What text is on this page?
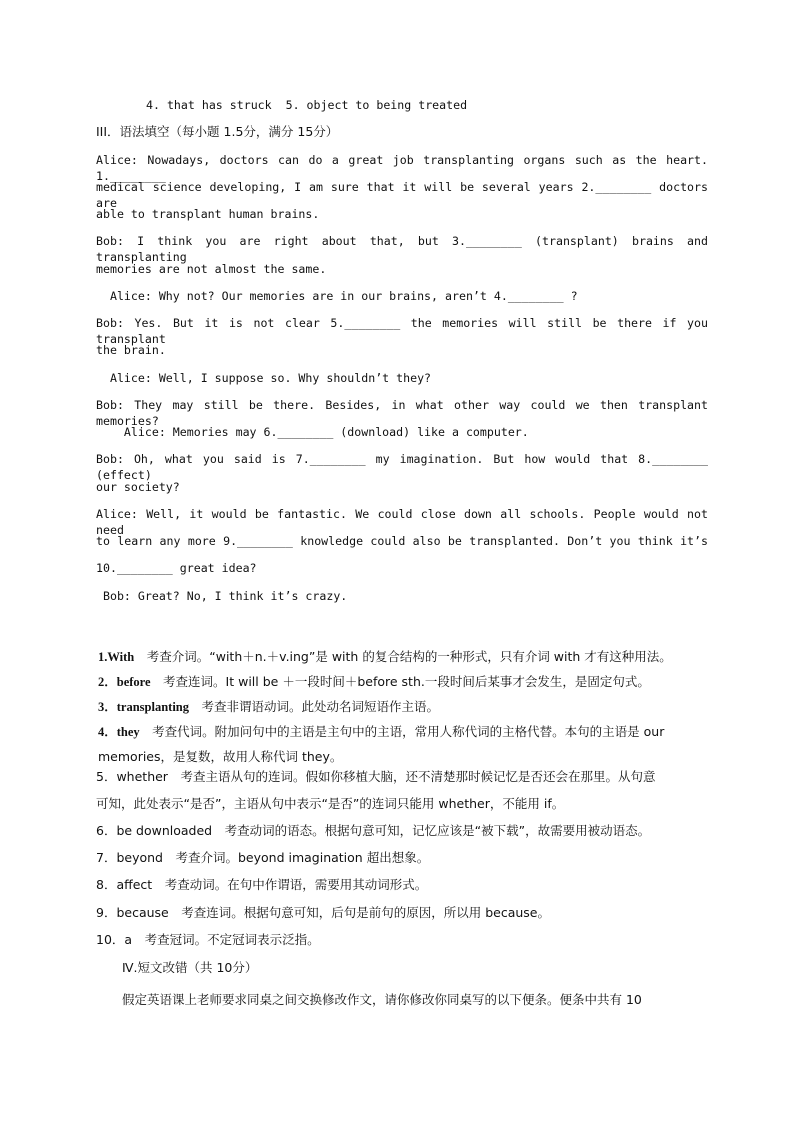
4. that has struck  5. object to being treated
III．语法填空（每小题 1.5分，满分 15分）
Alice: Nowadays, doctors can do a great job transplanting organs such as the heart. 1.________
medical science developing, I am sure that it will be several years 2.________ doctors are
able to transplant human brains.
Bob: I think you are right about that, but 3.________ (transplant) brains and transplanting
memories are not almost the same.
Alice: Why not? Our memories are in our brains, aren’t 4.________ ?
Bob: Yes. But it is not clear 5.________ the memories will still be there if you transplant
the brain.
Alice: Well, I suppose so. Why shouldn’t they?
Bob: They may still be there. Besides, in what other way could we then transplant memories?
Alice: Memories may 6.________ (download) like a computer.
Bob: Oh, what you said is 7.________ my imagination. But how would that 8.________ (effect)
our society?
Alice: Well, it would be fantastic. We could close down all schools. People would not need
to learn any more 9.________ knowledge could also be transplanted. Don’t you think it’s
10.________ great idea?
Bob: Great? No, I think it’s crazy.
1.With　考查介词。“with＋n.＋v.ing”是 with 的复合结构的一种形式，只有介词 with 才有这种用法。
2．before　考查连词。It will be ＋一段时间＋before sth.一段时间后某事才会发生，是固定句式。
3．transplanting　考查非谓语动词。此处动名词短语作主语。
4．they　考查代词。附加问句中的主语是主句中的主语，常用人称代词的主格代替。本句的主语是 our
memories，是复数，故用人称代词 they。
5．whether　考查主语从句的连词。假如你移植大脑，还不清楚那时候记忆是否还会在那里。从句意
可知，此处表示“是否”，主语从句中表示“是否”的连词只能用 whether，不能用 if。
6．be downloaded　考查动词的语态。根据句意可知，记忆应该是“被下载”，故需要用被动语态。
7．beyond　考查介词。beyond imagination 超出想象。
8．affect　考查动词。在句中作谓语，需要用其动词形式。
9．because　考查连词。根据句意可知，后句是前句的原因，所以用 because。
10．a　考查冠词。不定冠词表示泛指。
Ⅳ.短文改错（共 10分）
假定英语课上老师要求同桌之间交换修改作文，请你修改你同桌写的以下便条。便条中共有 10
